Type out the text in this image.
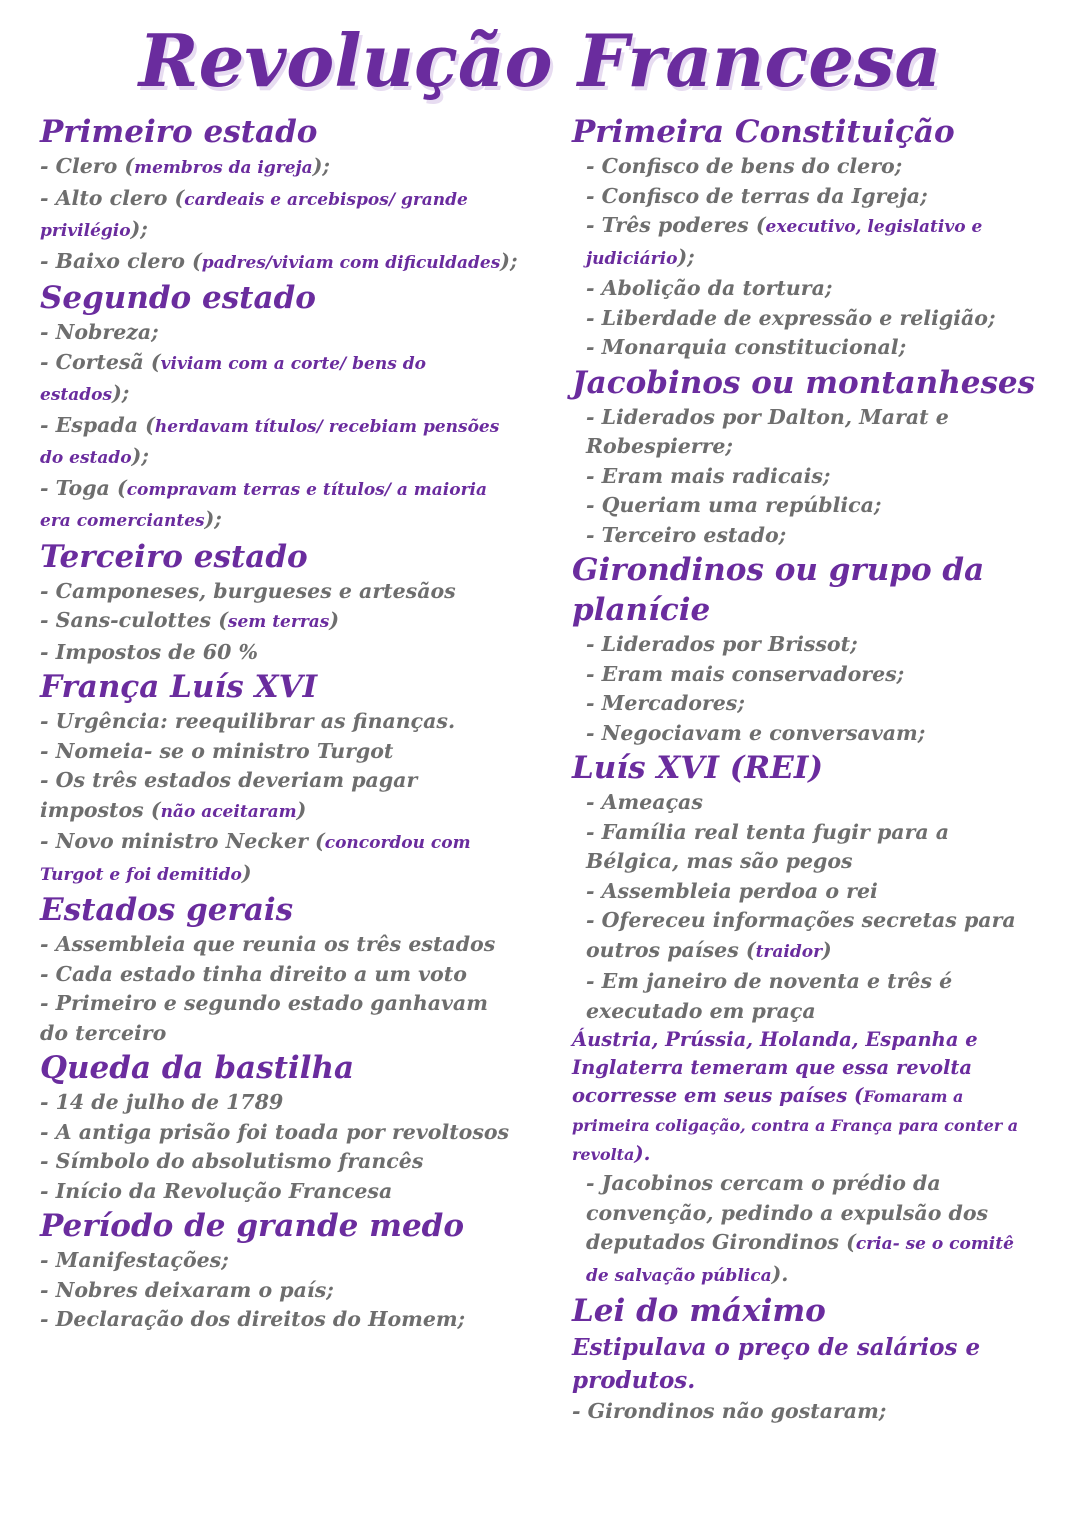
Revolução Francesa

Primeiro estado

- Clero (membros da igreja);

- Alto clero (cardeais e arcebispos/ grande privilégio);

- Baixo clero (padres/viviam com dificuldades);

Segundo estado

- Nobreza;

- Cortesã (viviam com a corte/ bens do estados);

- Espada (herdavam títulos/ recebiam pensões do estado);

- Toga (compravam terras e títulos/ a maioria era comerciantes);

Terceiro estado

- Camponeses, burgueses e artesãos

- Sans-culottes (sem terras)

- Impostos de 60 %

França Luís XVI

- Urgência: reequilibrar as finanças.

- Nomeia- se o ministro Turgot

- Os três estados deveriam pagar impostos (não aceitaram)

- Novo ministro Necker (concordou com Turgot e foi demitido)

Estados gerais

- Assembleia que reunia os três estados

- Cada estado tinha direito a um voto

- Primeiro e segundo estado ganhavam do terceiro

Queda da bastilha

- 14 de julho de 1789

- A antiga prisão foi toada por revoltosos

- Símbolo do absolutismo francês

- Início da Revolução Francesa

Período de grande medo

- Manifestações;

- Nobres deixaram o país;

- Declaração dos direitos do Homem;

Primeira Constituição

- Confisco de bens do clero;

- Confisco de terras da Igreja;

- Três poderes (executivo, legislativo e judiciário);

- Abolição da tortura;

- Liberdade de expressão e religião;

- Monarquia constitucional;

Jacobinos ou montanheses

- Liderados por Dalton, Marat e Robespierre;

- Eram mais radicais;

- Queriam uma república;

- Terceiro estado;

Girondinos ou grupo da planície

- Liderados por Brissot;

- Eram mais conservadores;

- Mercadores;

- Negociavam e conversavam;

Luís XVI (REI)

- Ameaças

- Família real tenta fugir para a Bélgica, mas são pegos

- Assembleia perdoa o rei

- Ofereceu informações secretas para outros países (traidor)

- Em janeiro de noventa e três é executado em praça

Áustria, Prússia, Holanda, Espanha e Inglaterra temeram que essa revolta ocorresse em seus países (Fomaram a primeira coligação, contra a França para conter a revolta).

- Jacobinos cercam o prédio da convenção, pedindo a expulsão dos deputados Girondinos (cria- se o comitê de salvação pública).

Lei do máximo

Estipulava o preço de salários e produtos.

- Girondinos não gostaram;
